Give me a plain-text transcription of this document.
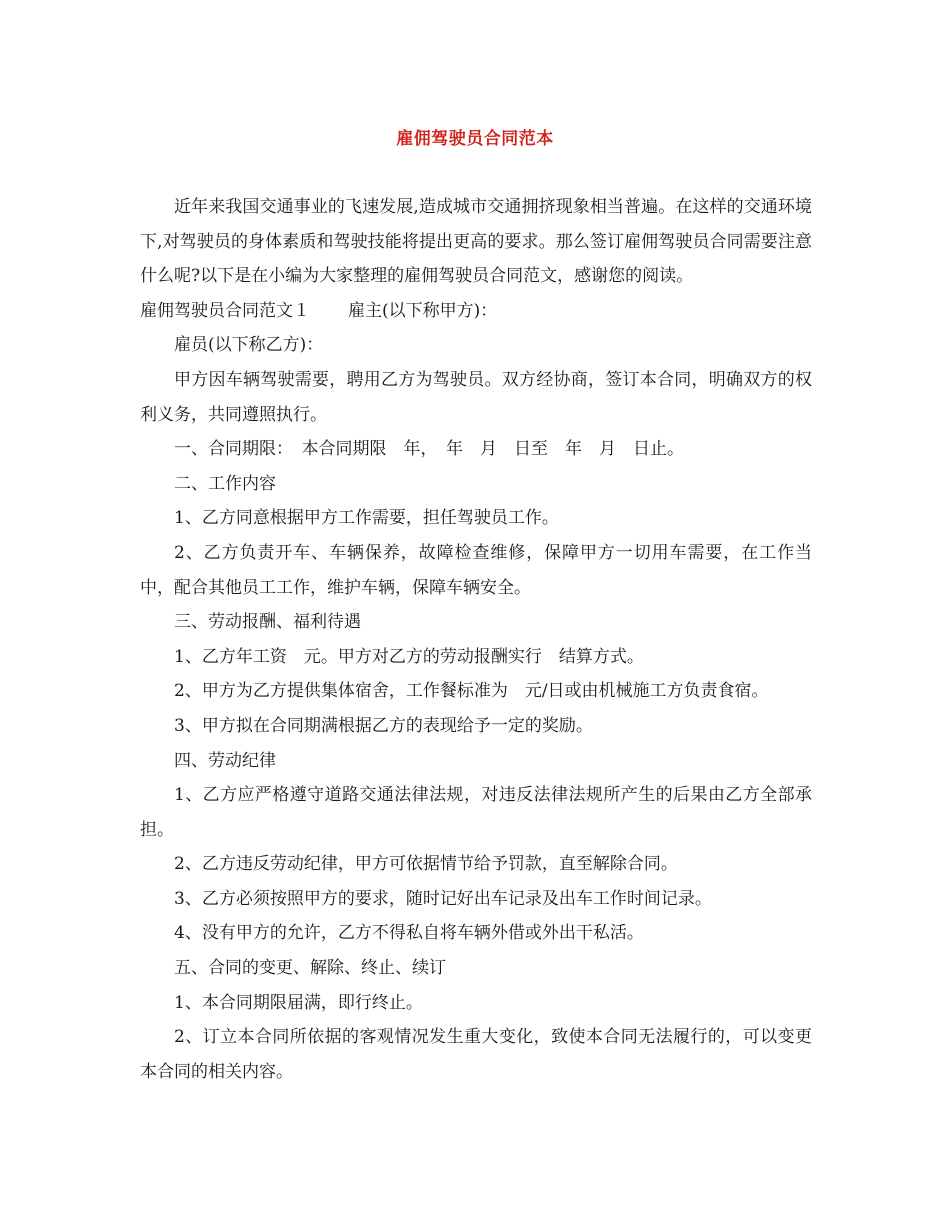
雇佣驾驶员合同范本

近年来我国交通事业的飞速发展,造成城市交通拥挤现象相当普遍。在这样的交通环境下,对驾驶员的身体素质和驾驶技能将提出更高的要求。那么签订雇佣驾驶员合同需要注意什么呢?以下是在小编为大家整理的雇佣驾驶员合同范文，感谢您的阅读。

雇佣驾驶员合同范文１ 雇主(以下称甲方)：

雇员(以下称乙方)：

甲方因车辆驾驶需要，聘用乙方为驾驶员。双方经协商，签订本合同，明确双方的权利义务，共同遵照执行。

一、合同期限：　本合同期限　年，　年　月　日至　年　月　日止。

二、工作内容

1、乙方同意根据甲方工作需要，担任驾驶员工作。

2、乙方负责开车、车辆保养，故障检查维修，保障甲方一切用车需要，在工作当中，配合其他员工工作，维护车辆，保障车辆安全。

三、劳动报酬、福利待遇

1、乙方年工资　元。甲方对乙方的劳动报酬实行　结算方式。

2、甲方为乙方提供集体宿舍，工作餐标准为　元/日或由机械施工方负责食宿。

3、甲方拟在合同期满根据乙方的表现给予一定的奖励。

四、劳动纪律

1、乙方应严格遵守道路交通法律法规，对违反法律法规所产生的后果由乙方全部承担。

2、乙方违反劳动纪律，甲方可依据情节给予罚款，直至解除合同。

3、乙方必须按照甲方的要求，随时记好出车记录及出车工作时间记录。

4、没有甲方的允许，乙方不得私自将车辆外借或外出干私活。

五、合同的变更、解除、终止、续订

1、本合同期限届满，即行终止。

2、订立本合同所依据的客观情况发生重大变化，致使本合同无法履行的，可以变更本合同的相关内容。
